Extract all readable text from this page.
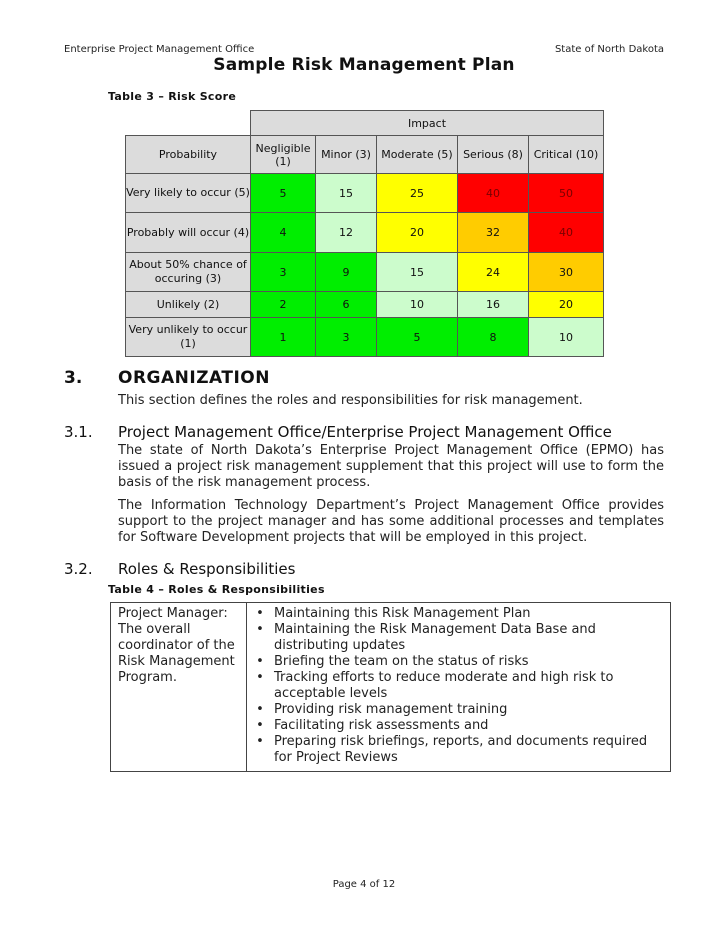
Enterprise Project Management Office	State of North Dakota
Sample Risk Management Plan
Table 3 – Risk Score
	Impact				
Probability	Negligible (1)	Minor (3)	Moderate (5)	Serious (8)	Critical (10)
Very likely to occur (5)	5	15	25	40	50
Probably will occur (4)	4	12	20	32	40
About 50% chance of occuring (3)	3	9	15	24	30
Unlikely (2)	2	6	10	16	20
Very unlikely to occur (1)	1	3	5	8	10
3. ORGANIZATION
This section defines the roles and responsibilities for risk management.
3.1. Project Management Office/Enterprise Project Management Office
The state of North Dakota’s Enterprise Project Management Office (EPMO) has issued a project risk management supplement that this project will use to form the basis of the risk management process.
The Information Technology Department’s Project Management Office provides support to the project manager and has some additional processes and templates for Software Development projects that will be employed in this project.
3.2. Roles & Responsibilities
Table 4 – Roles & Responsibilities
Project Manager: The overall coordinator of the Risk Management Program.	
• Maintaining this Risk Management Plan
• Maintaining the Risk Management Data Base and distributing updates
• Briefing the team on the status of risks
• Tracking efforts to reduce moderate and high risk to acceptable levels
• Providing risk management training
• Facilitating risk assessments and
• Preparing risk briefings, reports, and documents required for Project Reviews
Page 4 of 12
